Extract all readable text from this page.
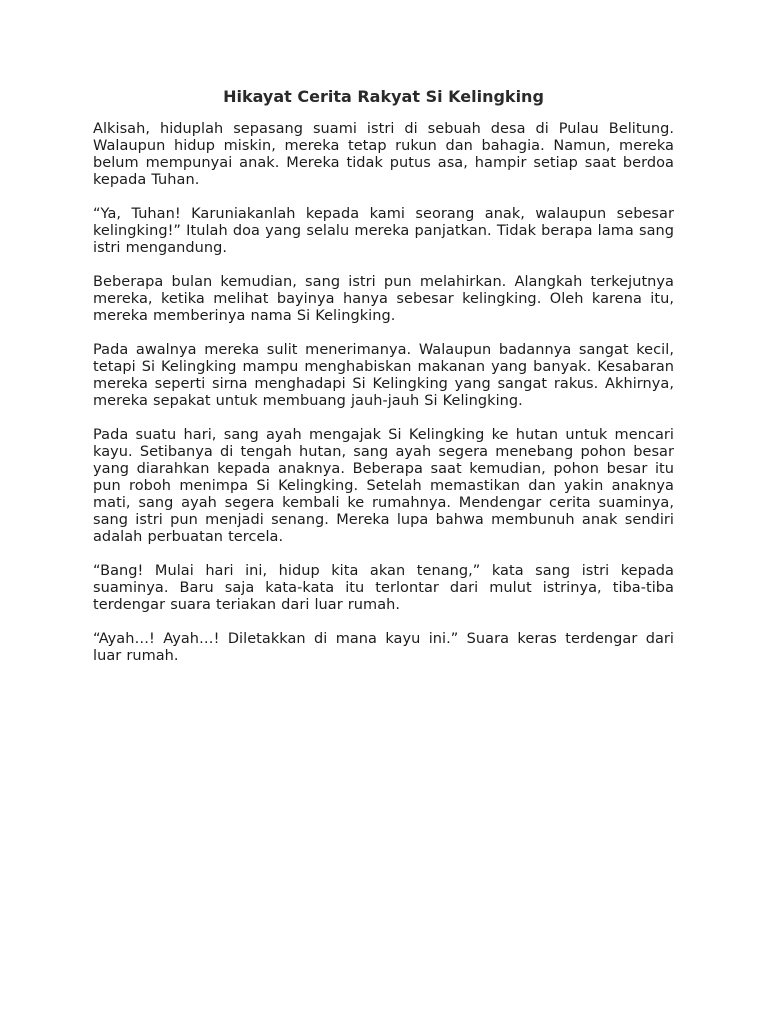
Hikayat Cerita Rakyat Si Kelingking

Alkisah, hiduplah sepasang suami istri di sebuah desa di Pulau Belitung. Walaupun hidup miskin, mereka tetap rukun dan bahagia. Namun, mereka belum mempunyai anak. Mereka tidak putus asa, hampir setiap saat berdoa kepada Tuhan.

“Ya, Tuhan! Karuniakanlah kepada kami seorang anak, walaupun sebesar kelingking!” Itulah doa yang selalu mereka panjatkan. Tidak berapa lama sang istri mengandung.

Beberapa bulan kemudian, sang istri pun melahirkan. Alangkah terkejutnya mereka, ketika melihat bayinya hanya sebesar kelingking. Oleh karena itu, mereka memberinya nama Si Kelingking.

Pada awalnya mereka sulit menerimanya. Walaupun badannya sangat kecil, tetapi Si Kelingking mampu menghabiskan makanan yang banyak. Kesabaran mereka seperti sirna menghadapi Si Kelingking yang sangat rakus. Akhirnya, mereka sepakat untuk membuang jauh-jauh Si Kelingking.

Pada suatu hari, sang ayah mengajak Si Kelingking ke hutan untuk mencari kayu. Setibanya di tengah hutan, sang ayah segera menebang pohon besar yang diarahkan kepada anaknya. Beberapa saat kemudian, pohon besar itu pun roboh menimpa Si Kelingking. Setelah memastikan dan yakin anaknya mati, sang ayah segera kembali ke rumahnya. Mendengar cerita suaminya, sang istri pun menjadi senang. Mereka lupa bahwa membunuh anak sendiri adalah perbuatan tercela.

“Bang! Mulai hari ini, hidup kita akan tenang,” kata sang istri kepada suaminya. Baru saja kata-kata itu terlontar dari mulut istrinya, tiba-tiba terdengar suara teriakan dari luar rumah.

“Ayah…! Ayah…! Diletakkan di mana kayu ini.” Suara keras terdengar dari luar rumah.
